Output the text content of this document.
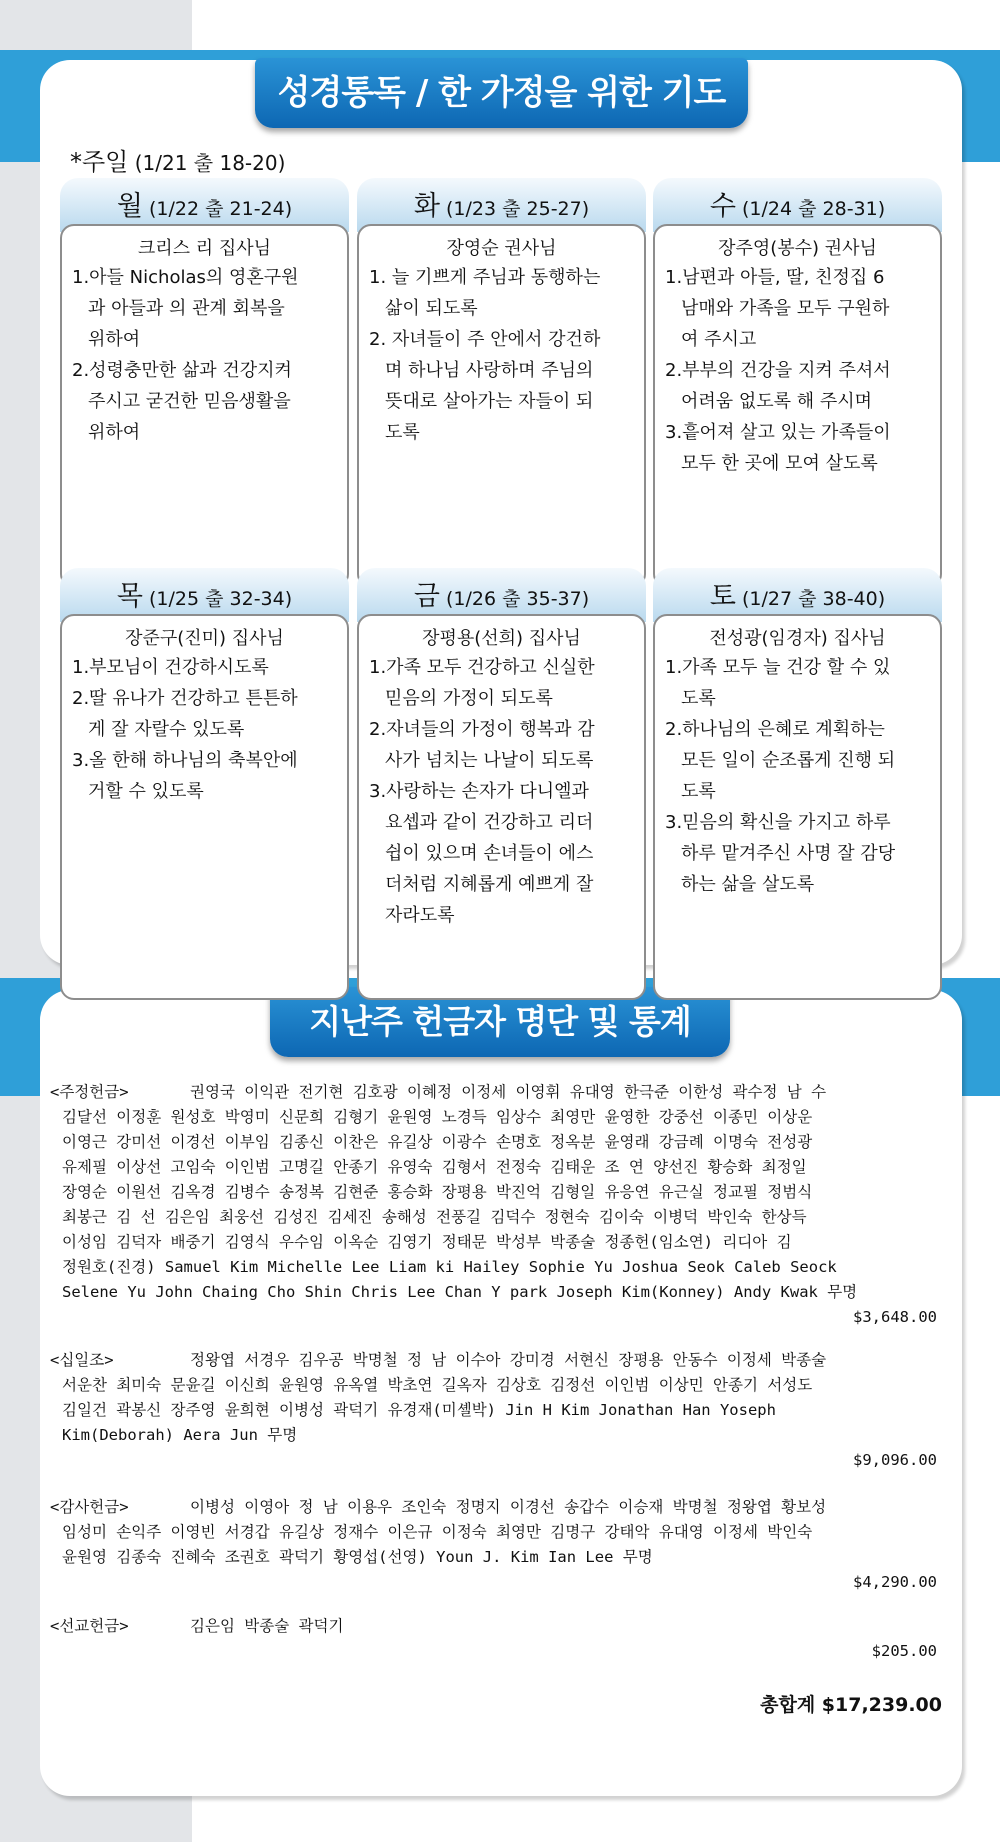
성경통독 / 한 가정을 위한 기도
지난주 헌금자 명단 및 통계
*주일 (1/21 출 18-20)
월 (1/22 출 21-24)
크리스 리 집사님
1.아들 Nicholas의 영혼구원
과 아들과 의 관계 회복을
위하여
2.성령충만한 삶과 건강지켜
주시고 굳건한 믿음생활을
위하여
화 (1/23 출 25-27)
장영순 권사님
1. 늘 기쁘게 주님과 동행하는
삶이 되도록
2. 자녀들이 주 안에서 강건하
며 하나님 사랑하며 주님의
뜻대로 살아가는 자들이 되
도록
수 (1/24 출 28-31)
장주영(봉수) 권사님
1.남편과 아들, 딸, 친정집 6
남매와 가족을 모두 구원하
여 주시고
2.부부의 건강을 지켜 주셔서
어려움 없도록 해 주시며
3.흩어져 살고 있는 가족들이
모두 한 곳에 모여 살도록
목 (1/25 출 32-34)
장준구(진미) 집사님
1.부모님이 건강하시도록
2.딸 유나가 건강하고 튼튼하
게 잘 자랄수 있도록
3.올 한해 하나님의 축복안에
거할 수 있도록
금 (1/26 출 35-37)
장평용(선희) 집사님
1.가족 모두 건강하고 신실한
믿음의 가정이 되도록
2.자녀들의 가정이 행복과 감
사가 넘치는 나날이 되도록
3.사랑하는 손자가 다니엘과
요셉과 같이 건강하고 리더
쉽이 있으며 손녀들이 에스
더처럼 지혜롭게 예쁘게 잘
자라도록
토 (1/27 출 38-40)
전성광(임경자) 집사님
1.가족 모두 늘 건강 할 수 있
도록
2.하나님의 은혜로 계획하는
모든 일이 순조롭게 진행 되
도록
3.믿음의 확신을 가지고 하루
하루 맡겨주신 사명 잘 감당
하는 삶을 살도록
<주정헌금>	권영국 이익관 전기현 김호광 이혜정 이정세 이영휘 유대영 한극준 이한성 곽수정 남 수
김달선 이정훈 원성호 박영미 신문희 김형기 윤원영 노경득 임상수 최영만 윤영한 강중선 이종민 이상운
이영근 강미선 이경선 이부임 김종신 이찬은 유길상 이광수 손명호 정옥분 윤영래 강금례 이명숙 전성광
유제필 이상선 고임숙 이인범 고명길 안종기 유영숙 김형서 전정숙 김태운 조 연 양선진 황승화 최정일
장영순 이원선 김옥경 김병수 송정복 김현준 홍승화 장평용 박진억 김형일 유응연 유근실 정교필 정범식
최봉근 김 선 김은임 최웅선 김성진 김세진 송해성 전풍길 김덕수 정현숙 김이숙 이병덕 박인숙 한상득
이성임 김덕자 배중기 김영식 우수임 이옥순 김영기 정태문 박성부 박종술 정종헌(임소연) 리디아 김
정원호(진경) Samuel Kim Michelle Lee Liam ki Hailey Sophie Yu Joshua Seok Caleb Seock
Selene Yu John Chaing Cho Shin Chris Lee Chan Y park Joseph Kim(Konney) Andy Kwak 무명
$3,648.00
<십일조>	정왕엽 서경우 김우공 박명철 정 남 이수아 강미경 서현신 장평용 안동수 이정세 박종술
서운찬 최미숙 문윤길 이신희 윤원영 유옥열 박초연 길옥자 김상호 김정선 이인범 이상민 안종기 서성도
김일건 곽봉신 장주영 윤희현 이병성 곽덕기 유경재(미셸박) Jin H Kim Jonathan Han Yoseph
Kim(Deborah) Aera Jun 무명
$9,096.00
<감사헌금>	이병성 이영아 정 남 이용우 조인숙 정명지 이경선 송갑수 이승재 박명철 정왕엽 황보성
임성미 손익주 이영빈 서경갑 유길상 정재수 이은규 이정숙 최영만 김명구 강태악 유대영 이정세 박인숙
윤원영 김종숙 진혜숙 조권호 곽덕기 황영섭(선영) Youn J. Kim Ian Lee 무명
$4,290.00
<선교헌금>	김은임 박종술 곽덕기
$205.00
총합계 $17,239.00
